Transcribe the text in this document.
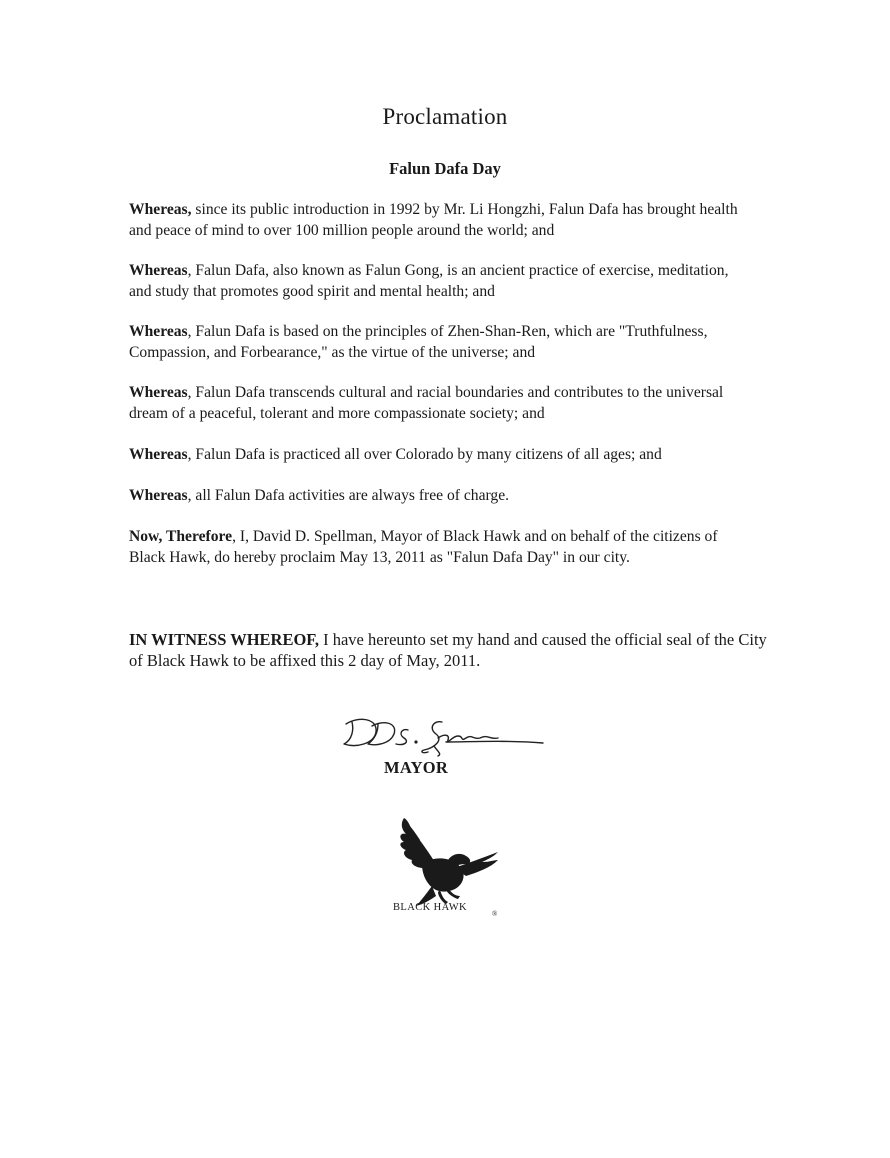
Proclamation
Falun Dafa Day
Whereas, since its public introduction in 1992 by Mr. Li Hongzhi, Falun Dafa has brought health and peace of mind to over 100 million people around the world; and
Whereas, Falun Dafa, also known as Falun Gong, is an ancient practice of exercise, meditation, and study that promotes good spirit and mental health; and
Whereas, Falun Dafa is based on the principles of Zhen-Shan-Ren, which are "Truthfulness, Compassion, and Forbearance," as the virtue of the universe; and
Whereas, Falun Dafa transcends cultural and racial boundaries and contributes to the universal dream of a peaceful, tolerant and more compassionate society; and
Whereas, Falun Dafa is practiced all over Colorado by many citizens of all ages; and
Whereas, all Falun Dafa activities are always free of charge.
Now, Therefore, I, David D. Spellman, Mayor of Black Hawk and on behalf of the citizens of Black Hawk, do hereby proclaim May 13, 2011 as "Falun Dafa Day" in our city.
IN WITNESS WHEREOF, I have hereunto set my hand and caused the official seal of the City of Black Hawk to be affixed this 2 day of May, 2011.
MAYOR
BLACK HAWK
®
